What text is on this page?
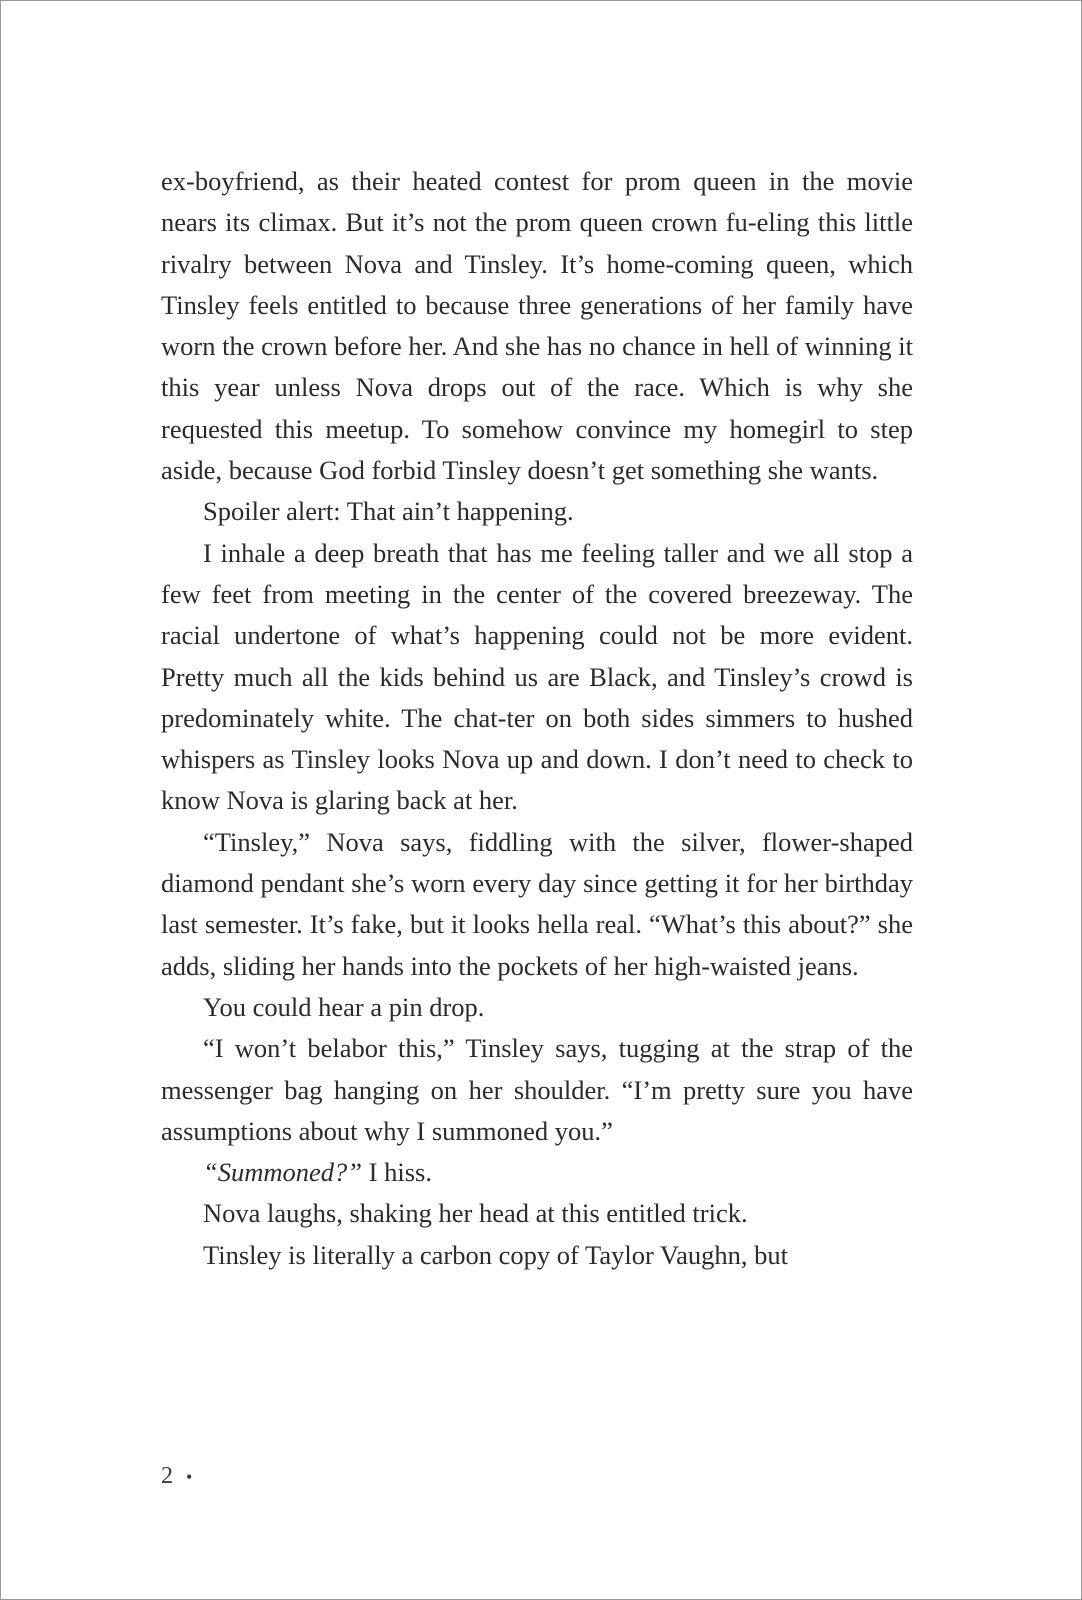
ex-boyfriend, as their heated contest for prom queen in the movie nears its climax. But it’s not the prom queen crown fu-eling this little rivalry between Nova and Tinsley. It’s home-coming queen, which Tinsley feels entitled to because three generations of her family have worn the crown before her. And she has no chance in hell of winning it this year unless Nova drops out of the race. Which is why she requested this meetup. To somehow convince my homegirl to step aside, because God forbid Tinsley doesn’t get something she wants.

Spoiler alert: That ain’t happening.

I inhale a deep breath that has me feeling taller and we all stop a few feet from meeting in the center of the covered breezeway. The racial undertone of what’s happening could not be more evident. Pretty much all the kids behind us are Black, and Tinsley’s crowd is predominately white. The chat-ter on both sides simmers to hushed whispers as Tinsley looks Nova up and down. I don’t need to check to know Nova is glaring back at her.

“Tinsley,” Nova says, fiddling with the silver, flower-shaped diamond pendant she’s worn every day since getting it for her birthday last semester. It’s fake, but it looks hella real. “What’s this about?” she adds, sliding her hands into the pockets of her high-waisted jeans.

You could hear a pin drop.

“I won’t belabor this,” Tinsley says, tugging at the strap of the messenger bag hanging on her shoulder. “I’m pretty sure you have assumptions about why I summoned you.”

“Summoned?” I hiss.

Nova laughs, shaking her head at this entitled trick.

Tinsley is literally a carbon copy of Taylor Vaughn, but

2 •
